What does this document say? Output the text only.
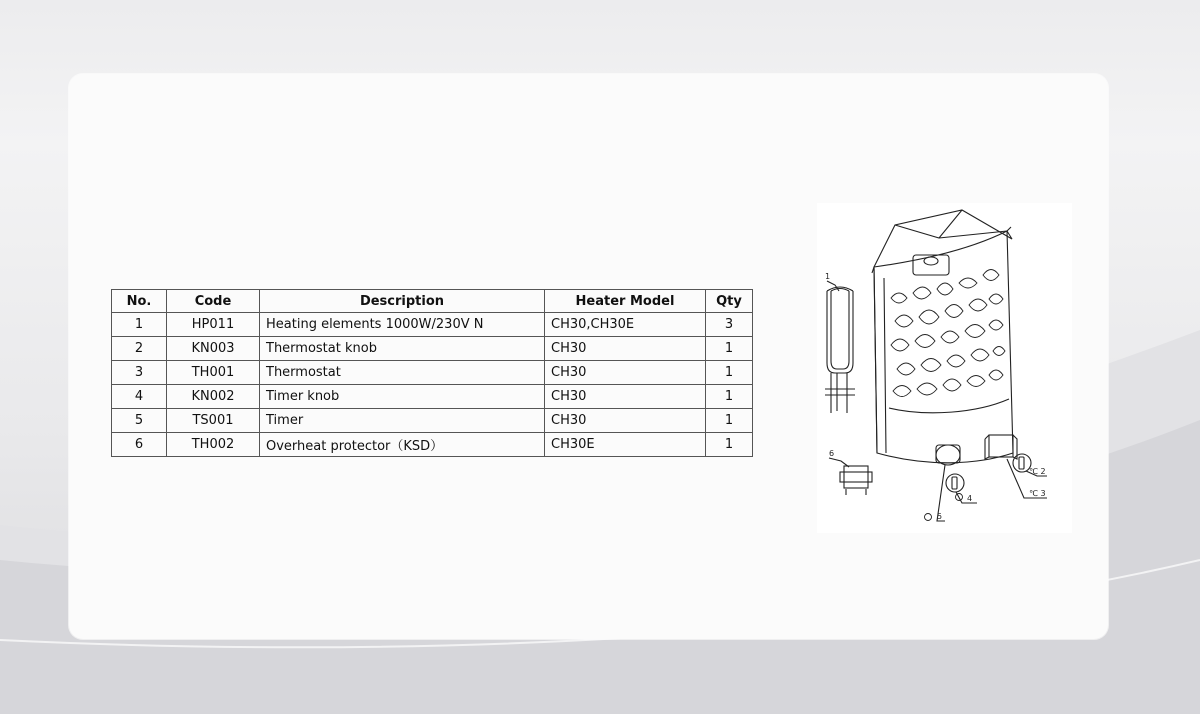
No.	Code	Description	Heater Model	Qty
1	HP011	Heating elements 1000W/230V N	CH30,CH30E	3
2	KN003	Thermostat knob	CH30	1
3	TH001	Thermostat	CH30	1
4	KN002	Timer knob	CH30	1
5	TS001	Timer	CH30	1
6	TH002	Overheat protector（KSD）	CH30E	1
1
6
4
5
℃ 2
℃ 3
